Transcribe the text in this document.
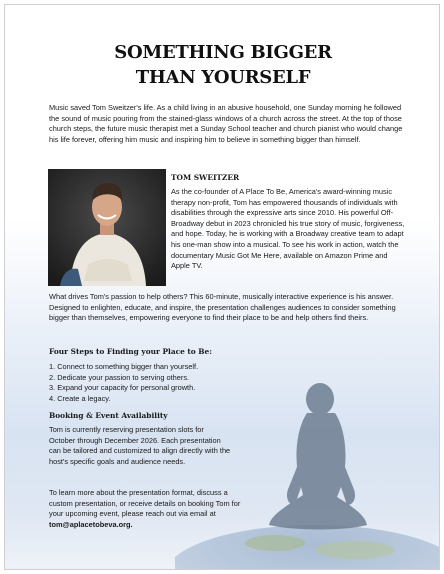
SOMETHING BIGGER
THAN YOURSELF
Music saved Tom Sweitzer's life. As a child living in an abusive household, one Sunday morning he followed the sound of music pouring from the stained-glass windows of a church across the street. At the top of those church steps, the future music therapist met a Sunday School teacher and church pianist who would change his life forever, offering him music and inspiring him to believe in something bigger than himself.
TOM SWEITZER
As the co-founder of A Place To Be, America's award-winning music therapy non-profit, Tom has empowered thousands of individuals with disabilities through the expressive arts since 2010. His powerful Off-Broadway debut in 2023 chronicled his true story of music, forgiveness, and hope. Today, he is working with a Broadway creative team to adapt his one-man show into a musical. To see his work in action, watch the documentary Music Got Me Here, available on Amazon Prime and Apple TV.
What drives Tom's passion to help others? This 60-minute, musically interactive experience is his answer. Designed to enlighten, educate, and inspire, the presentation challenges audiences to consider something bigger than themselves, empowering everyone to find their place to be and help others find theirs.
Four Steps to Finding your Place to Be:
1. Connect to something bigger than yourself.
2. Dedicate your passion to serving others.
3. Expand your capacity for personal growth.
4. Create a legacy.
Booking & Event Availability
Tom is currently reserving presentation slots for October through December 2026. Each presentation can be tailored and customized to align directly with the host's specific goals and audience needs.
To learn more about the presentation format, discuss a custom presentation, or receive details on booking Tom for your upcoming event, please reach out via email at tom@aplacetobeva.org.
